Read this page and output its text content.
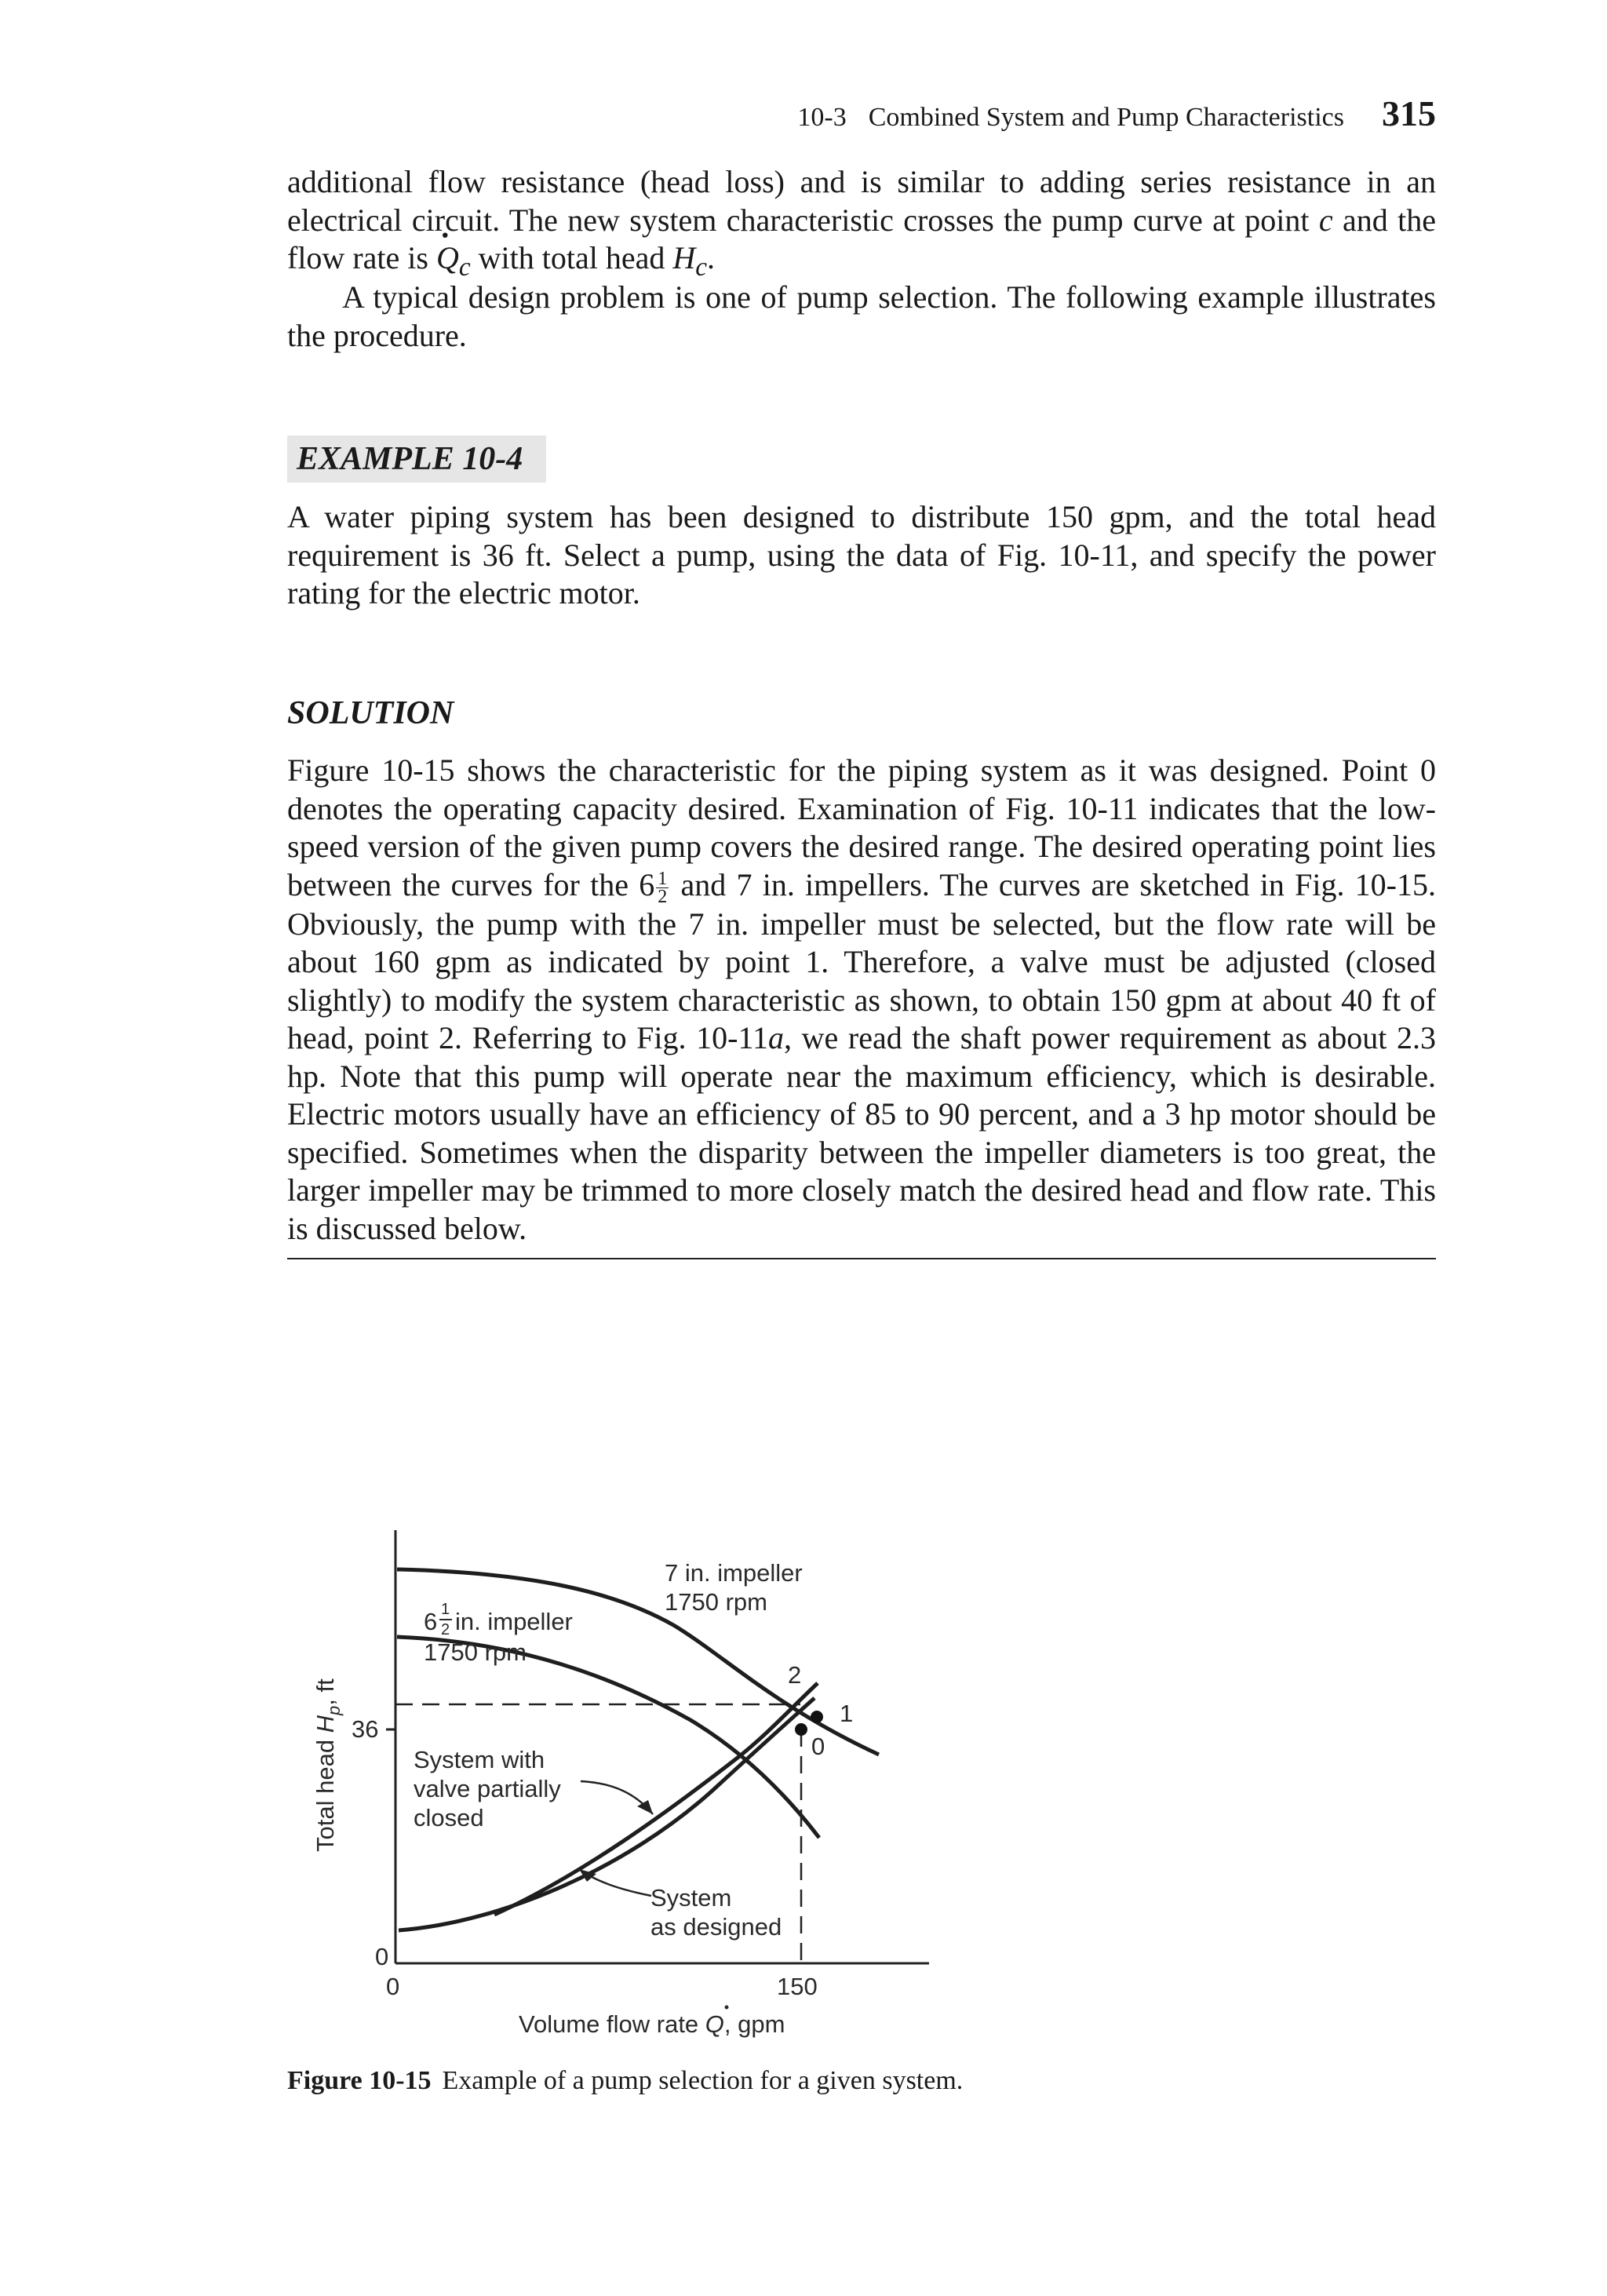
10-3 Combined System and Pump Characteristics 315

additional flow resistance (head loss) and is similar to adding series resistance in an electrical circuit. The new system characteristic crosses the pump curve at point c and the flow rate is · $Q_c$ with total head $H_c$.

A typical design problem is one of pump selection. The following example illustrates the procedure.

EXAMPLE 10-4

A water piping system has been designed to distribute 150 gpm, and the total head requirement is 36 ft. Select a pump, using the data of Fig. 10-11, and specify the power rating for the electric motor.

SOLUTION

Figure 10-15 shows the characteristic for the piping system as it was designed. Point 0 denotes the operating capacity desired. Examination of Fig. 10-11 indicates that the low-speed version of the given pump covers the desired range. The desired operating point lies between the curves for the $6 \frac{1}{2}$ and 7 in. impellers. The curves are sketched in Fig. 10-15. Obviously, the pump with the 7 in. impeller must be selected, but the flow rate will be about 160 gpm as indicated by point 1. Therefore, a valve must be adjusted (closed slightly) to modify the system characteristic as shown, to obtain 150 gpm at about 40 ft of head, point 2. Referring to Fig. 10-11a, we read the shaft power requirement as about 2.3 hp. Note that this pump will operate near the maximum efficiency, which is desirable. Electric motors usually have an efficiency of 85 to 90 percent, and a 3 hp motor should be specified. Sometimes when the disparity between the impeller diameters is too great, the larger impeller may be trimmed to more closely match the desired head and flow rate. This is discussed below.

7 in. impeller
1750 rpm
6 1
2 in. impeller
1750 rpm
System with
valve partially
closed
System
as designed
2
1
0
36
0
0	150
Volume flow rate Q, gpm
Total head $H_p$, ft
Figure 10-15 Example of a pump selection for a given system.
